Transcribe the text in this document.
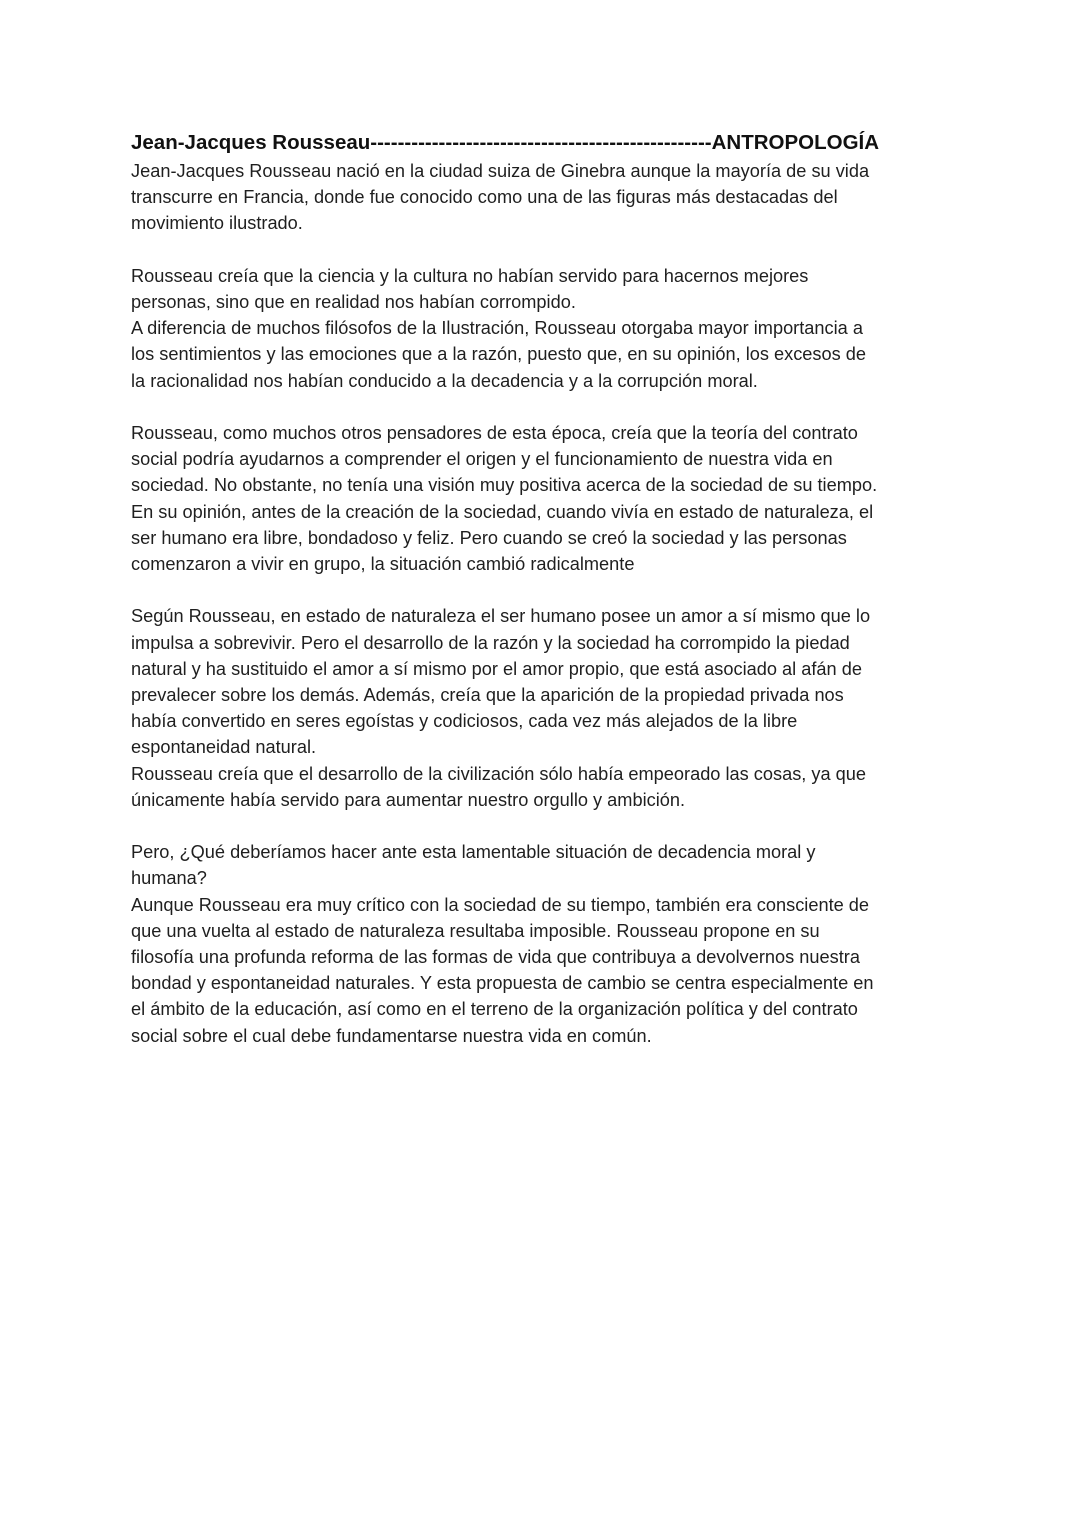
Jean-Jacques Rousseau--------------------------------------------------ANTROPOLOGÍA

Jean-Jacques Rousseau nació en la ciudad suiza de Ginebra aunque la mayoría de su vida
transcurre en Francia, donde fue conocido como una de las figuras más destacadas del
movimiento ilustrado.

Rousseau creía que la ciencia y la cultura no habían servido para hacernos mejores
personas, sino que en realidad nos habían corrompido.

A diferencia de muchos filósofos de la Ilustración, Rousseau otorgaba mayor importancia a
los sentimientos y las emociones que a la razón, puesto que, en su opinión, los excesos de
la racionalidad nos habían conducido a la decadencia y a la corrupción moral.

Rousseau, como muchos otros pensadores de esta época, creía que la teoría del contrato
social podría ayudarnos a comprender el origen y el funcionamiento de nuestra vida en
sociedad. No obstante, no tenía una visión muy positiva acerca de la sociedad de su tiempo.
En su opinión, antes de la creación de la sociedad, cuando vivía en estado de naturaleza, el
ser humano era libre, bondadoso y feliz. Pero cuando se creó la sociedad y las personas
comenzaron a vivir en grupo, la situación cambió radicalmente

Según Rousseau, en estado de naturaleza el ser humano posee un amor a sí mismo que lo
impulsa a sobrevivir. Pero el desarrollo de la razón y la sociedad ha corrompido la piedad
natural y ha sustituido el amor a sí mismo por el amor propio, que está asociado al afán de
prevalecer sobre los demás. Además, creía que la aparición de la propiedad privada nos
había convertido en seres egoístas y codiciosos, cada vez más alejados de la libre
espontaneidad natural.

Rousseau creía que el desarrollo de la civilización sólo había empeorado las cosas, ya que
únicamente había servido para aumentar nuestro orgullo y ambición.

Pero, ¿Qué deberíamos hacer ante esta lamentable situación de decadencia moral y
humana?

Aunque Rousseau era muy crítico con la sociedad de su tiempo, también era consciente de
que una vuelta al estado de naturaleza resultaba imposible. Rousseau propone en su
filosofía una profunda reforma de las formas de vida que contribuya a devolvernos nuestra
bondad y espontaneidad naturales. Y esta propuesta de cambio se centra especialmente en
el ámbito de la educación, así como en el terreno de la organización política y del contrato
social sobre el cual debe fundamentarse nuestra vida en común.
